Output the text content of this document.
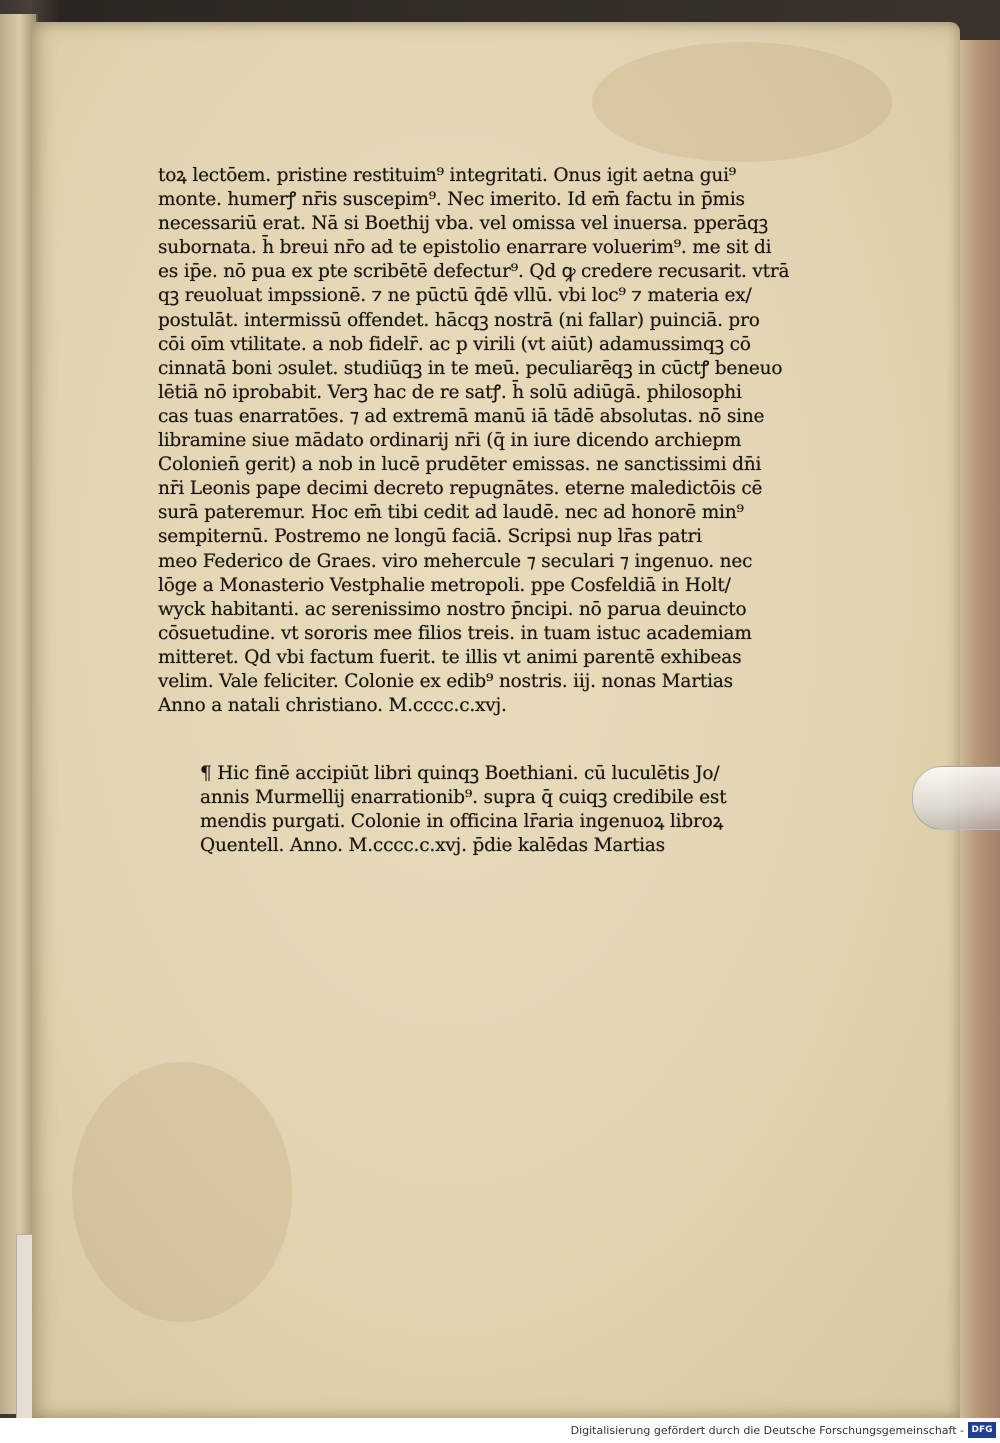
toꝝ lectōem. pristine restituim⁹ integritati. Onus igit aetna gui⁹
monte. humerꝭ nr̄is suscepim⁹. Nec imerito. Id em̄ factu in p̄mis
necessariū erat. Nā si Boethij vba. vel omissa vel inuersa. pperāqꝫ
subornata. h̄ breui nr̄o ad te epistolio enarrare voluerim⁹. me sit di
es ip̄e. nō pua ex pte scribētē defectur⁹. Qd ꝙ credere recusarit. vtrā
qꝫ reuoluat impssionē. ⁊ ne pūctū q̄dē vllū. vbi loc⁹ ⁊ materia ex/
postulāt. intermissū offendet. hācqꝫ nostrā (ni fallar) puinciā. pro
cōi oīm vtilitate. a nob fidelr̄. ac p virili (vt aiūt) adamussimqꝫ cō
cinnatā boni ɔsulet. studiūqꝫ in te meū. peculiarēqꝫ in cūctꝭ beneuo
lētiā nō iprobabit. Verꝫ hac de re satꝭ. h̄ solū adiūgā. philosophi
cas tuas enarratōes. ⁊ ad extremā manū iā tādē absolutas. nō sine
libramine siue mādato ordinarij nr̄i (q̄ in iure dicendo archiepm
Colonien̄ gerit) a nob in lucē prudēter emissas. ne sanctissimi dn̄i
nr̄i Leonis pape decimi decreto repugnātes. eterne maledictōis cē
surā pateremur. Hoc em̄ tibi cedit ad laudē. nec ad honorē min⁹
sempiternū. Postremo ne longū faciā. Scripsi nup lr̄as patri
meo Federico de Graes. viro mehercule ⁊ seculari ⁊ ingenuo. nec
lōge a Monasterio Vestphalie metropoli. ppe Cosfeldiā in Holt/
wyck habitanti. ac serenissimo nostro p̄ncipi. nō parua deuincto
cōsuetudine. vt sororis mee filios treis. in tuam istuc academiam
mitteret. Qd vbi factum fuerit. te illis vt animi parentē exhibeas
velim. Vale feliciter. Colonie ex edib⁹ nostris. iij. nonas Martias
Anno a natali christiano. M.cccc.c.xvj.
¶ Hic finē accipiūt libri quinqꝫ Boethiani. cū luculētis Jo/
annis Murmellij enarrationib⁹. supra q̄ cuiqꝫ credibile est
mendis purgati. Colonie in officina lr̄aria ingenuoꝝ libroꝝ
Quentell. Anno. M.cccc.c.xvj. p̄die kalēdas Martias
Digitalisierung gefördert durch die Deutsche Forschungsgemeinschaft - DFG
